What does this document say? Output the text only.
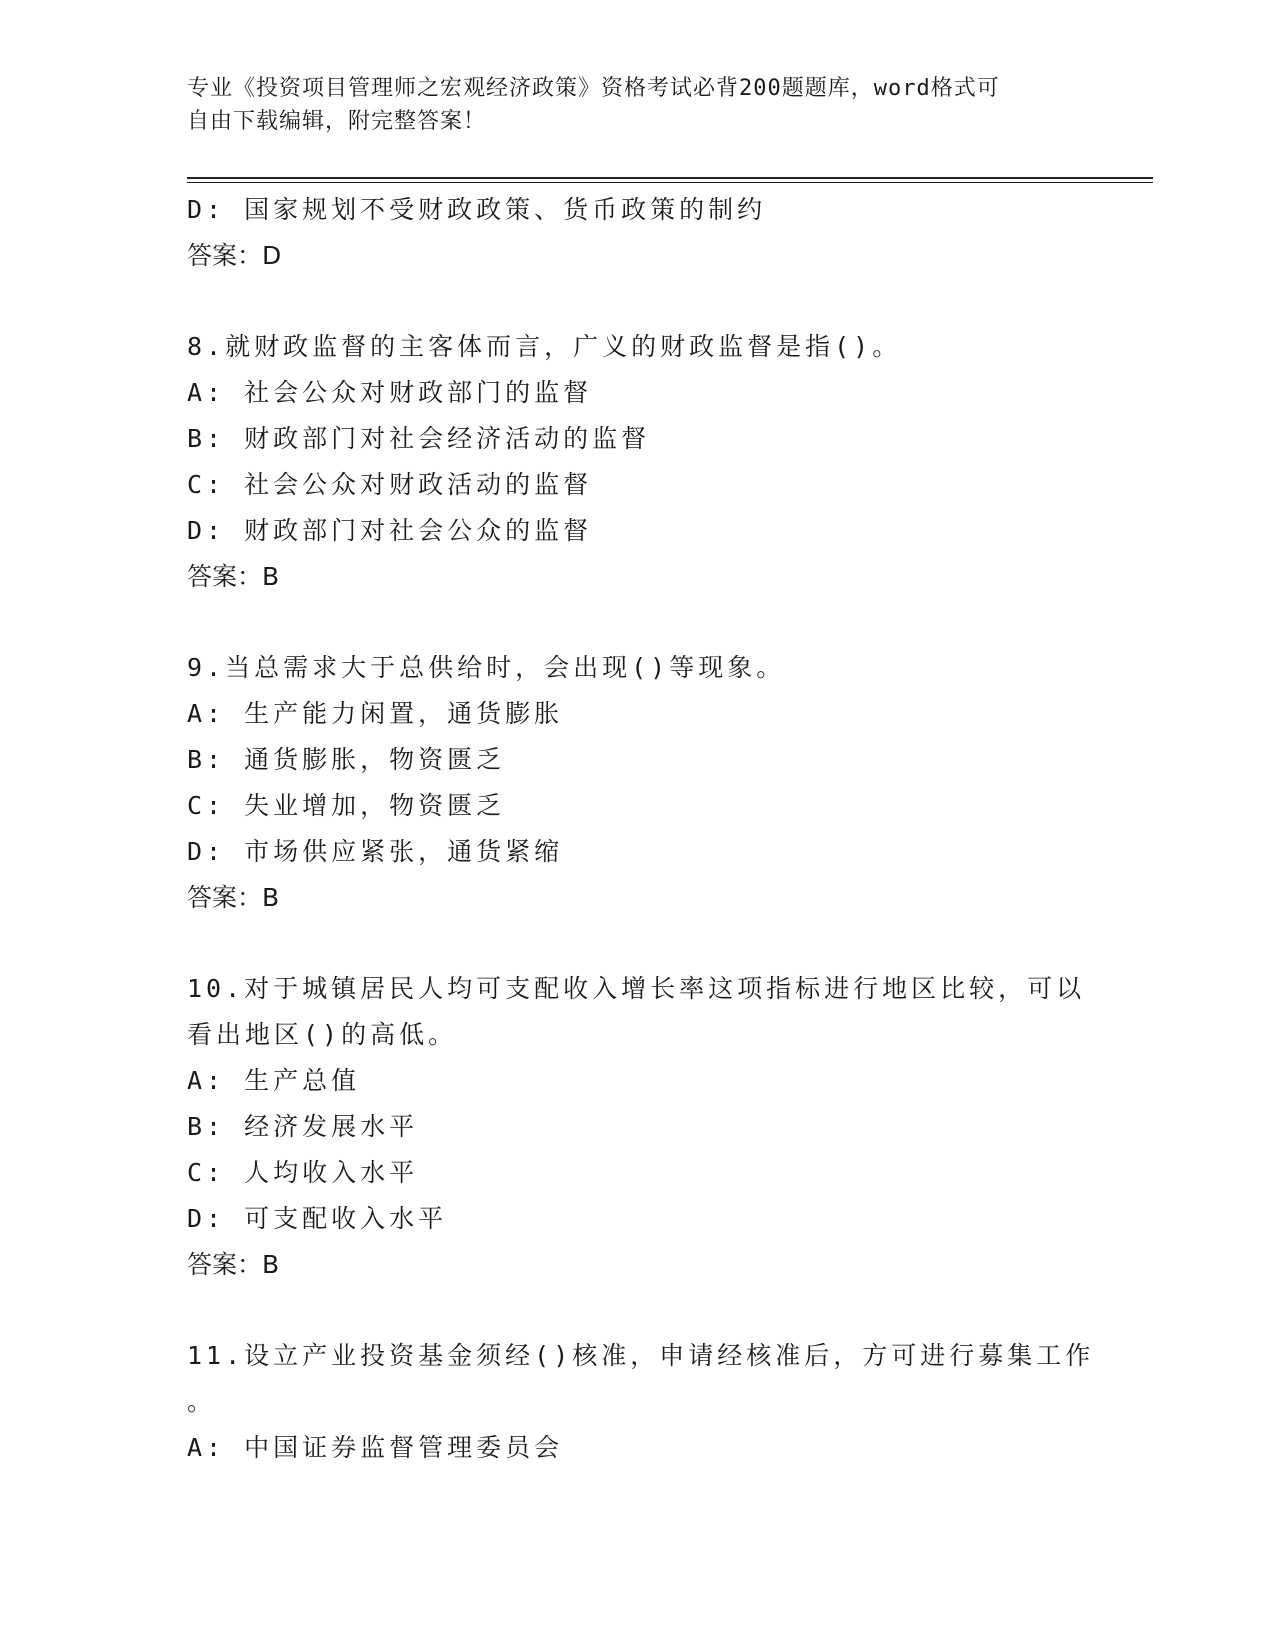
专业《投资项目管理师之宏观经济政策》资格考试必背200题题库，word格式可
自由下载编辑，附完整答案！
D: 国家规划不受财政政策、货币政策的制约
答案：D
8.就财政监督的主客体而言，广义的财政监督是指()。
A: 社会公众对财政部门的监督
B: 财政部门对社会经济活动的监督
C: 社会公众对财政活动的监督
D: 财政部门对社会公众的监督
答案：B
9.当总需求大于总供给时，会出现()等现象。
A: 生产能力闲置，通货膨胀
B: 通货膨胀，物资匮乏
C: 失业增加，物资匮乏
D: 市场供应紧张，通货紧缩
答案：B
10.对于城镇居民人均可支配收入增长率这项指标进行地区比较，可以
看出地区()的高低。
A: 生产总值
B: 经济发展水平
C: 人均收入水平
D: 可支配收入水平
答案：B
11.设立产业投资基金须经()核准，申请经核准后，方可进行募集工作
。
A: 中国证券监督管理委员会
